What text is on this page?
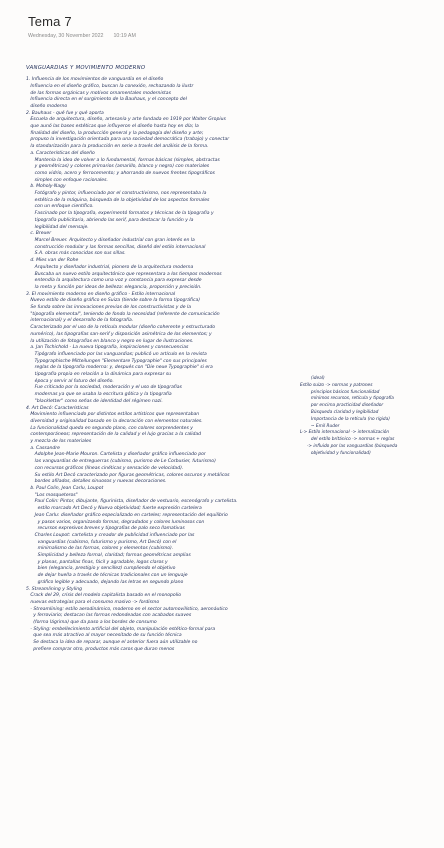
Tema 7
Wednesday, 30 November 2022 10:19 AM

VANGUARDIAS Y MOVIMIENTO MODERNO
1. Influencia de los movimientos de vanguardia en el diseño
Influencia en el diseño gráfico, buscan la conexión, rechazando la ilustr
de las formas orgánicas y motivos ornamentales modernistas
Influencia directa en el surgimiento de la Bauhaus, y el concepto del
diseño moderno
2. Bauhaus - qué fue y qué aporta
Escuela de arquitectura, diseño, artesanía y arte fundada en 1919 por Walter Gropius
que aunó las bases estéticas que influyeron el diseño hasta hoy en día; la
finalidad del diseño, la producción general y la pedagogía del diseño y arte;
propuso la investigación orientada para una sociedad democrática (trabajo) y conectar
la standarización para la producción en serie a través del análisis de la forma.
a. Características del diseño
Mantenía la idea de volver a lo fundamental, formas básicas (simples, abstractas
y geométricas) y colores primarios (amarillo, blanco y negro) con materiales
como vidrio, acero y ferrocemento; y ahorrando de nuevos frentes tipográficos
simples con enfoque racionales.
b. Moholy-Nagy
Fotógrafo y pintor, influenciado por el constructivismo, nos representaba la
estética de la máquina, búsqueda de la objetividad de los aspectos formales
con un enfoque científico.
Fascinado por la tipografía, experimentó formatos y técnicas de la tipografía y
tipografía publicitaria, abriendo las serif, para destacar la función y la
legibilidad del mensaje.
c. Breuer
Marcel Breuer. Arquitecto y diseñador industrial con gran interés en la
construcción modular y las formas sencillas, diseñó del estilo internacional
S.A. obras más conocidas son sus sillas.
d. Mies van der Rohe
Arquitecto y diseñador industrial, pionero de la arquitectura moderna
Buscaba un nuevo estilo arquitectónico que representara a los tiempos modernos
entendía la arquitectura como una voz y constancia para expresar desde
la meta y función por ideas de belleza: elegancia, proporción y precisión.
3. El movimiento moderno en diseño gráfico - Estilo internacional
Nuevo estilo de diseño gráfico en Suiza (tiende sobre la forma tipográfica)
Se funda sobre las innovaciones previas de los constructivistas y de la
"tipografía elemental", teniendo de fondo la necesidad (referente de comunicación
internacional) y el desarrollo de la fotografía.
Caracterizado por el uso de la retícula modular (diseño coherente y estructurado
numérico), las tipografías san-serif y disposición asimétrica de los elementos; y
la utilización de fotografías en blanco y negro en lugar de ilustraciones.
a. Jan Tschichold - La nueva tipografía, inspiraciones y consecuencias
Tipógrafo influenciado por las vanguardias; publicó un artículo en la revista
Typographische Mitteilungen "Elementare Typographie" con sus principales
reglas de la tipografía moderna: y, después con "Die neue Typographie" si era
tipografía propia en relación a la dinámica para expresar su
época y servir al futuro del diseño.
Fue criticado por la sociedad, moderación y el uso de tipografías
modernas ya que se usaba la escritura gótica y la tipografía
"blackletter" como señas de identidad del régimen nazi.
4. Art Decó: Características
Movimiento influenciado por distintos estilos artísticos que representaban
diversidad y originalidad basado en la decoración con elementos naturales.
La funcionalidad queda en segundo plano, con colores sorprendentes y
contemporáneos; representación de la calidad y el lujo gracias a la calidad
y mezcla de los materiales
a. Cassandre
Adolphe Jean-Marie Mouron. Cartelista y diseñador gráfico influenciado por
las vanguardias de entreguerras (cubismo, purismo de Le Corbusier, futurismo)
con recursos gráficos (líneas cinéticas y sensación de velocidad).
Su estilo Art Decó caracterizado por figuras geométricas, colores oscuros y metálicos
bordes afilados, detalles sinuosos y nuevas decoraciones.
b. Paul Colin, Jean Carlu, Loupot
"Los mosqueteros"
Paul Colin: Pintor, dibujante, figurinista, diseñador de vestuario, escenógrafo y cartelista.
estilo marcado Art Decó y Nueva objetividad; fuerte expresión cartelera
Jean Carlu: diseñador gráfico especializado en carteles; representación del equilibrio
y pasos varios, organizando formas, degradados y colores luminosos con
recursos expresivos breves y tipografías de palo seco llamativas
Charles Loupot: cartelista y creador de publicidad influenciado por las
vanguardias (cubismo, futurismo y purismo, Art Decó) con el
minimalismo de las formas, colores y elementos (cubismo).
Simplicidad y belleza formal, claridad; formas geométricas amplias
y planas, pantallas finas, fácil y agradable, logos claros y
bien (elegancia, prestigio y sencillez) cumpliendo el objetivo
de dejar huella a través de técnicas tradicionales con un lenguaje
gráfico legible y adecuado, dejando las letras en segundo plano
5. Streamlining y Styling
Crack del 29, crisis del modelo capitalista basado en el monopolio
nuevas estrategias para el consumo masivo -> fordismo
- Streamlining: estilo aerodinámico, moderno en el sector automovilístico, aeronáutico
y ferroviario; destacan las formas redondeadas con acabados suaves
(forma lágrima) que da paso a los bordes de consumo
- Styling: embellecimiento artificial del objeto, manipulación estético-formal para
que sea más atractivo al mayor necesitado de su función técnica
Se destaca la idea de reparar, aunque el anterior fuera aún utilizable no
prefiere comprar otro, productos más caros que duran menos

(ideal)
Estilo suizo -> normas y patrones
principios básicos funcionalidad
mínimos recursos, retícula y tipografía
por encima practicidad diseñador
Búsqueda claridad y legibilidad
Importancia de la retícula (no rígida)
~ Emil Ruder
L-> Estilo internacional -> internalización
del estilo británico -> normas + reglas
-> influido por las vanguardias (búsqueda
objetividad y funcionalidad)
